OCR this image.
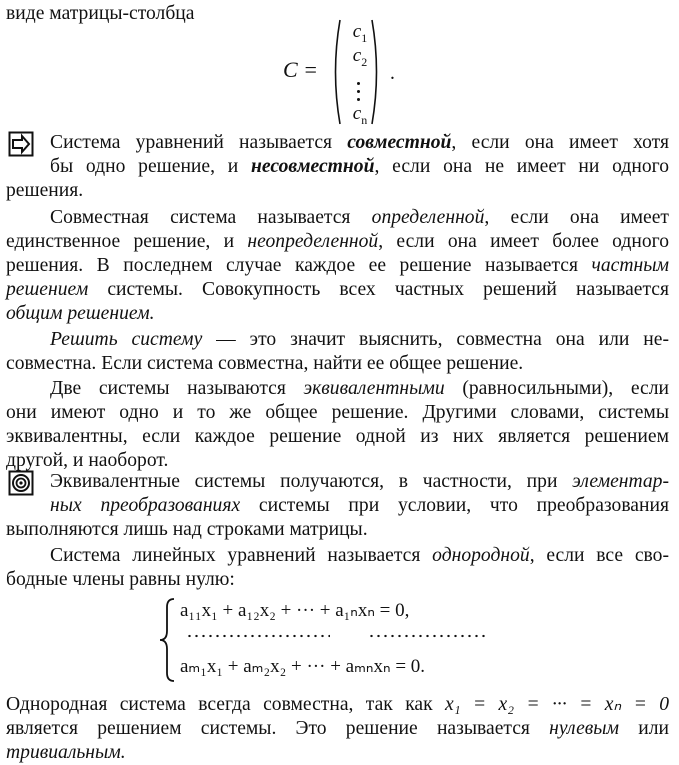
виде матрицы-столбца
C =
$c_1$
$c_2$
$c_n$
.
Система уравнений называется совместной, если она имеет хотя
бы одно решение, и несовместной, если она не имеет ни одного
решения.
Совместная система называется определенной, если она имеет
единственное решение, и неопределенной, если она имеет более одного
решения. В последнем случае каждое ее решение называется частным
решением системы. Совокупность всех частных решений называется
общим решением.
Решить систему — это значит выяснить, совместна она или не-
совместна. Если система совместна, найти ее общее решение.
Две системы называются эквивалентными (равносильными), если
они имеют одно и то же общее решение. Другими словами, системы
эквивалентны, если каждое решение одной из них является решением
другой, и наоборот.
Эквивалентные системы получаются, в частности, при элементар-
ных преобразованиях системы при условии, что преобразования
выполняются лишь над строками матрицы.
Система линейных уравнений называется однородной, если все сво-
бодные члены равны нулю:
a₁₁x₁ + a₁₂x₂ + ··· + a₁ₙxₙ = 0,
aₘ₁x₁ + aₘ₂x₂ + ··· + aₘₙxₙ = 0.
Однородная система всегда совместна, так как x₁ = x₂ = ··· = xₙ = 0
является решением системы. Это решение называется нулевым или
тривиальным.
